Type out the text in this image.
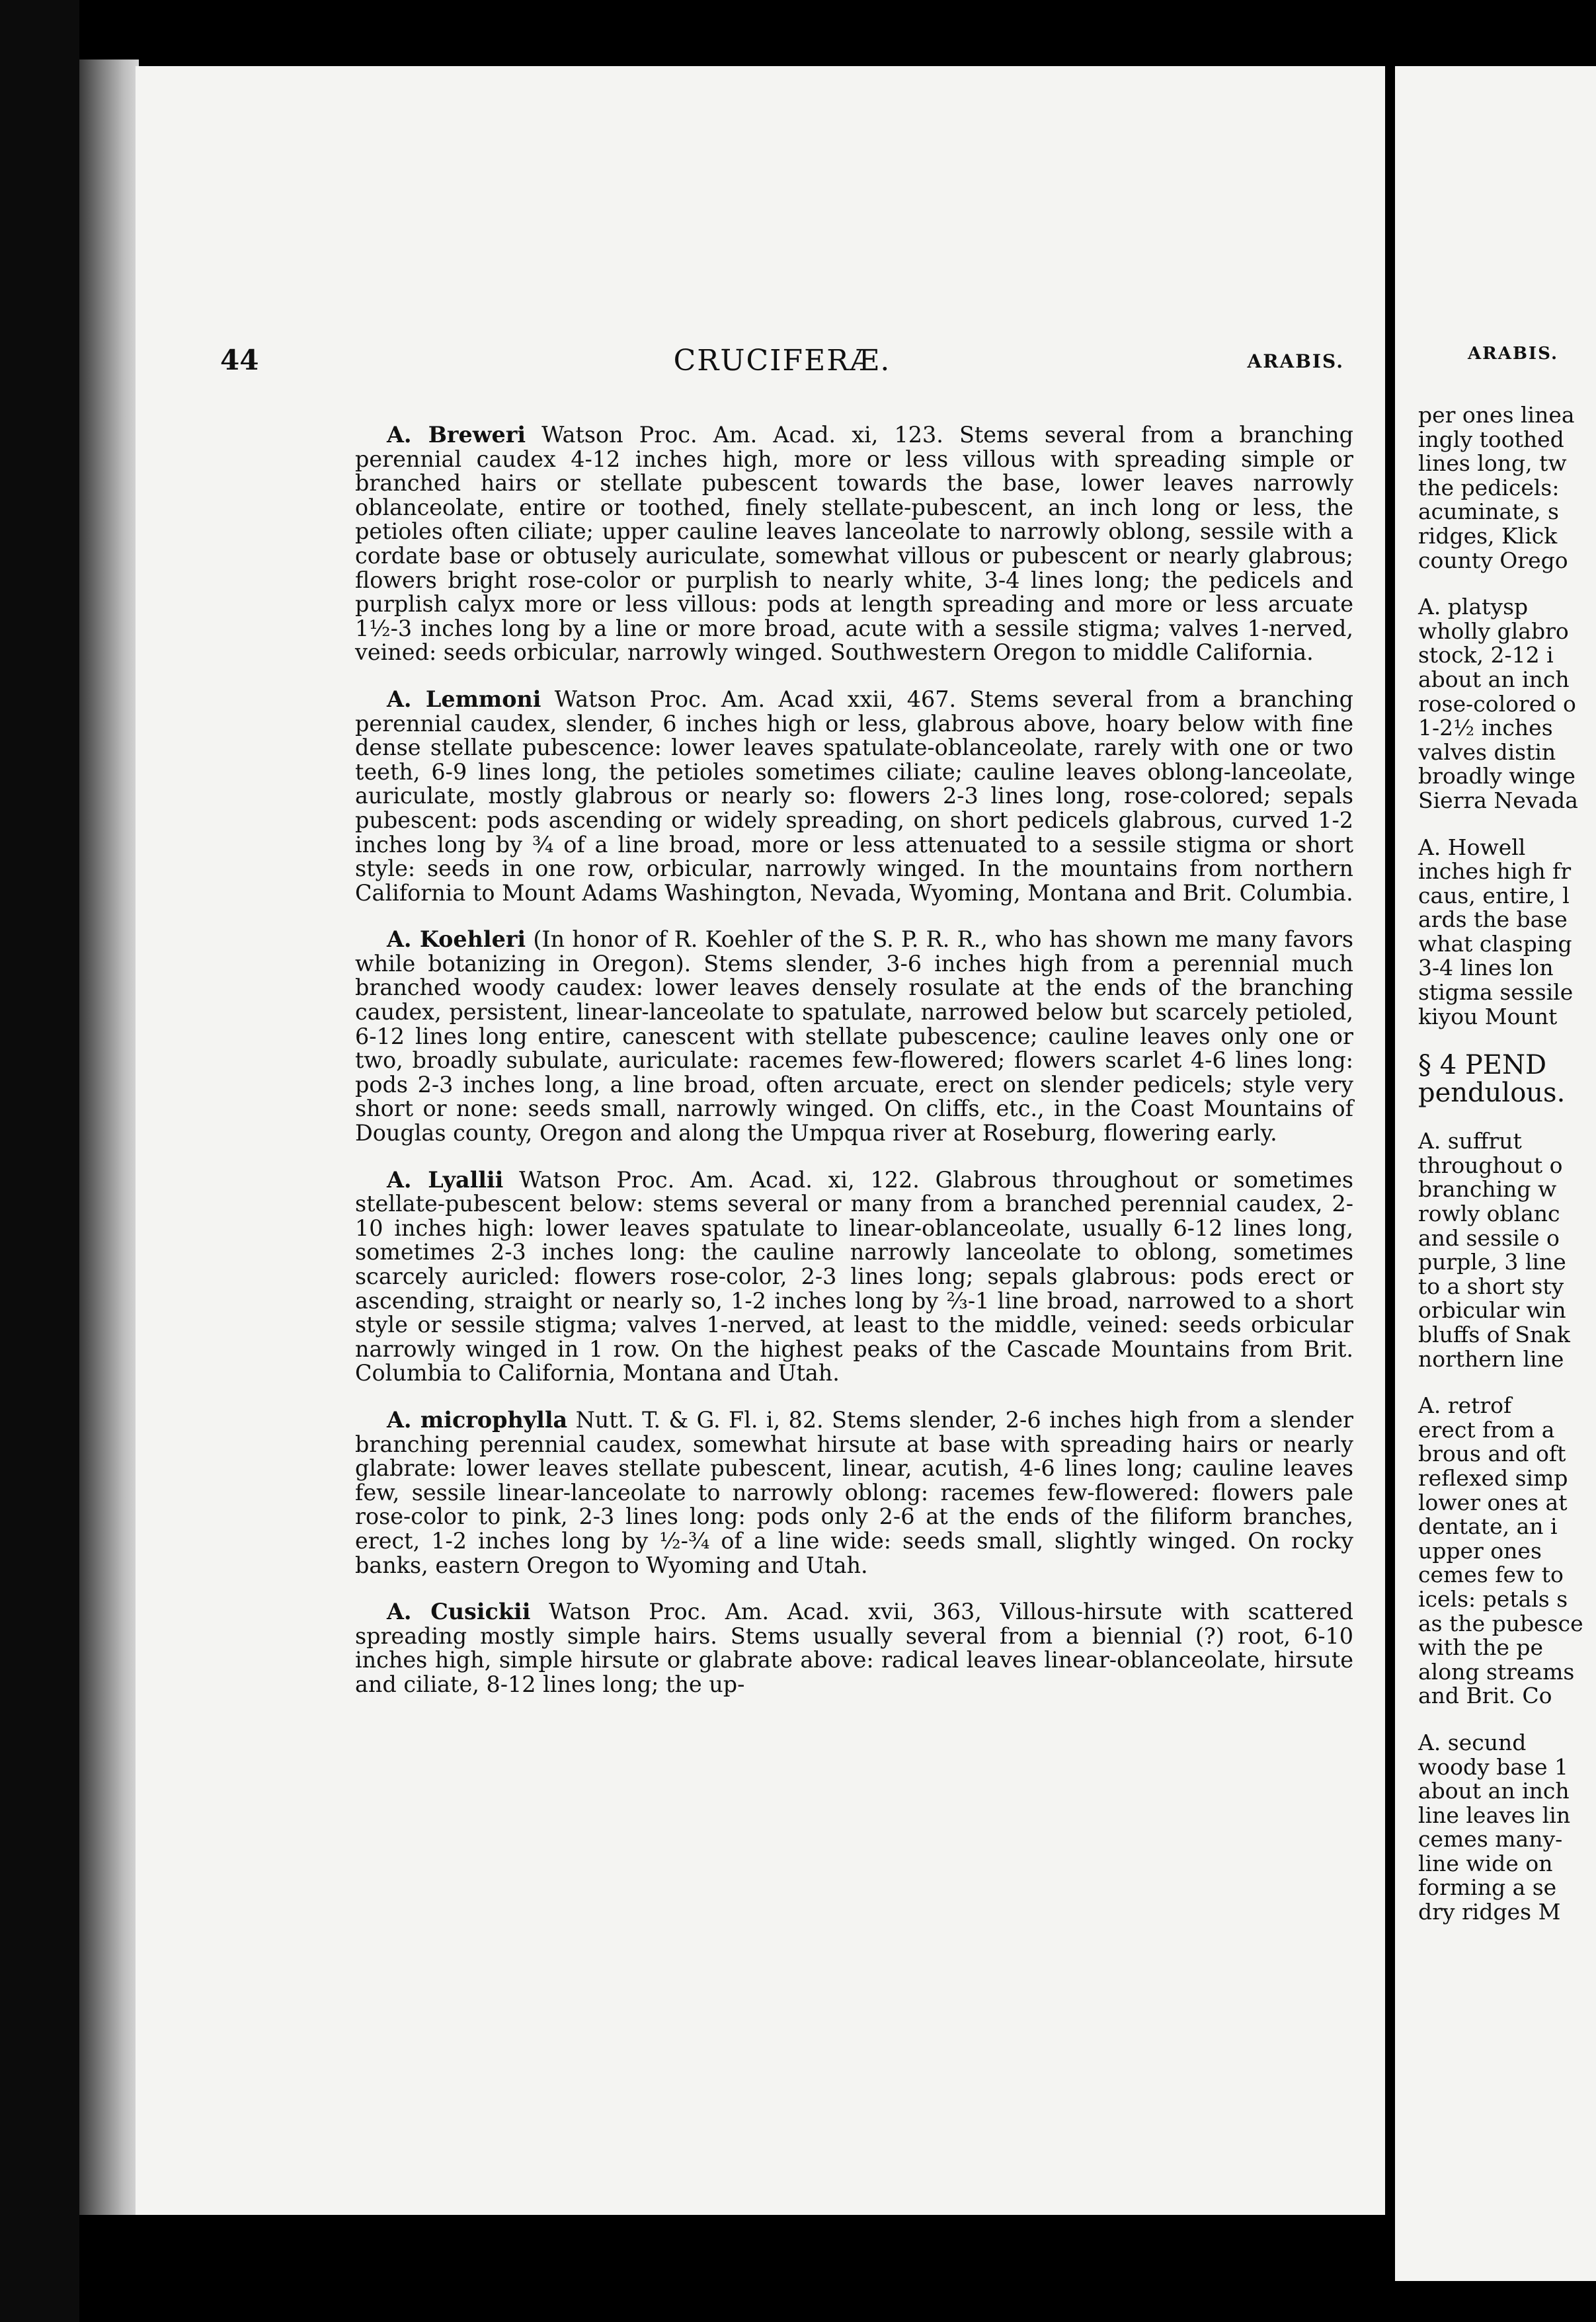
44	CRUCIFERÆ.	ARABIS.

A. Breweri Watson Proc. Am. Acad. xi, 123. Stems several from a branching perennial caudex 4-12 inches high, more or less villous with spreading simple or branched hairs or stellate pubescent towards the base, lower leaves narrowly oblanceolate, entire or toothed, finely stellate-pubescent, an inch long or less, the petioles often ciliate; upper cauline leaves lanceolate to narrowly oblong, sessile with a cordate base or obtusely auriculate, somewhat villous or pubescent or nearly glabrous; flowers bright rose-color or purplish to nearly white, 3-4 lines long; the pedicels and purplish calyx more or less villous: pods at length spreading and more or less arcuate 1½-3 inches long by a line or more broad, acute with a sessile stigma; valves 1-nerved, veined: seeds orbicular, narrowly winged. Southwestern Oregon to middle California.

A. Lemmoni Watson Proc. Am. Acad xxii, 467. Stems several from a branching perennial caudex, slender, 6 inches high or less, glabrous above, hoary below with fine dense stellate pubescence: lower leaves spatulate-oblanceolate, rarely with one or two teeth, 6-9 lines long, the petioles sometimes ciliate; cauline leaves oblong-lanceolate, auriculate, mostly glabrous or nearly so: flowers 2-3 lines long, rose-colored; sepals pubescent: pods ascending or widely spreading, on short pedicels glabrous, curved 1-2 inches long by ¾ of a line broad, more or less attenuated to a sessile stigma or short style: seeds in one row, orbicular, narrowly winged. In the mountains from northern California to Mount Adams Washington, Nevada, Wyoming, Montana and Brit. Columbia.

A. Koehleri (In honor of R. Koehler of the S. P. R. R., who has shown me many favors while botanizing in Oregon). Stems slender, 3-6 inches high from a perennial much branched woody caudex: lower leaves densely rosulate at the ends of the branching caudex, persistent, linear-lanceolate to spatulate, narrowed below but scarcely petioled, 6-12 lines long entire, canescent with stellate pubescence; cauline leaves only one or two, broadly subulate, auriculate: racemes few-flowered; flowers scarlet 4-6 lines long: pods 2-3 inches long, a line broad, often arcuate, erect on slender pedicels; style very short or none: seeds small, narrowly winged. On cliffs, etc., in the Coast Mountains of Douglas county, Oregon and along the Umpqua river at Roseburg, flowering early.

A. Lyallii Watson Proc. Am. Acad. xi, 122. Glabrous throughout or sometimes stellate-pubescent below: stems several or many from a branched perennial caudex, 2-10 inches high: lower leaves spatulate to linear-oblanceolate, usually 6-12 lines long, sometimes 2-3 inches long: the cauline narrowly lanceolate to oblong, sometimes scarcely auricled: flowers rose-color, 2-3 lines long; sepals glabrous: pods erect or ascending, straight or nearly so, 1-2 inches long by ⅔-1 line broad, narrowed to a short style or sessile stigma; valves 1-nerved, at least to the middle, veined: seeds orbicular narrowly winged in 1 row. On the highest peaks of the Cascade Mountains from Brit. Columbia to California, Montana and Utah.

A. microphylla Nutt. T. & G. Fl. i, 82. Stems slender, 2-6 inches high from a slender branching perennial caudex, somewhat hirsute at base with spreading hairs or nearly glabrate: lower leaves stellate pubescent, linear, acutish, 4-6 lines long; cauline leaves few, sessile linear-lanceolate to narrowly oblong: racemes few-flowered: flowers pale rose-color to pink, 2-3 lines long: pods only 2-6 at the ends of the filiform branches, erect, 1-2 inches long by ½-¾ of a line wide: seeds small, slightly winged. On rocky banks, eastern Oregon to Wyoming and Utah.

A. Cusickii Watson Proc. Am. Acad. xvii, 363, Villous-hirsute with scattered spreading mostly simple hairs. Stems usually several from a biennial (?) root, 6-10 inches high, simple hirsute or glabrate above: radical leaves linear-oblanceolate, hirsute and ciliate, 8-12 lines long; the up-

ARABIS.
per ones linea
ingly toothed
lines long, tw
the pedicels:
acuminate, s
ridges, Klick
county Orego
A. platysp
wholly glabro
stock, 2-12 i
about an inch
rose-colored o
1-2½ inches
valves distin
broadly winge
Sierra Nevada
A. Howell
inches high fr
caus, entire, l
ards the base
what clasping
3-4 lines lon
stigma sessile
kiyou Mount
§ 4 PEND
pendulous.
A. suffrut
throughout o
branching w
rowly oblanc
and sessile o
purple, 3 line
to a short sty
orbicular win
bluffs of Snak
northern line
A. retrof
erect from a
brous and oft
reflexed simp
lower ones at
dentate, an i
upper ones
cemes few to
icels: petals s
as the pubesce
with the pe
along streams
and Brit. Co
A. secund
woody base 1
about an inch
line leaves lin
cemes many-
line wide on
forming a se
dry ridges M
